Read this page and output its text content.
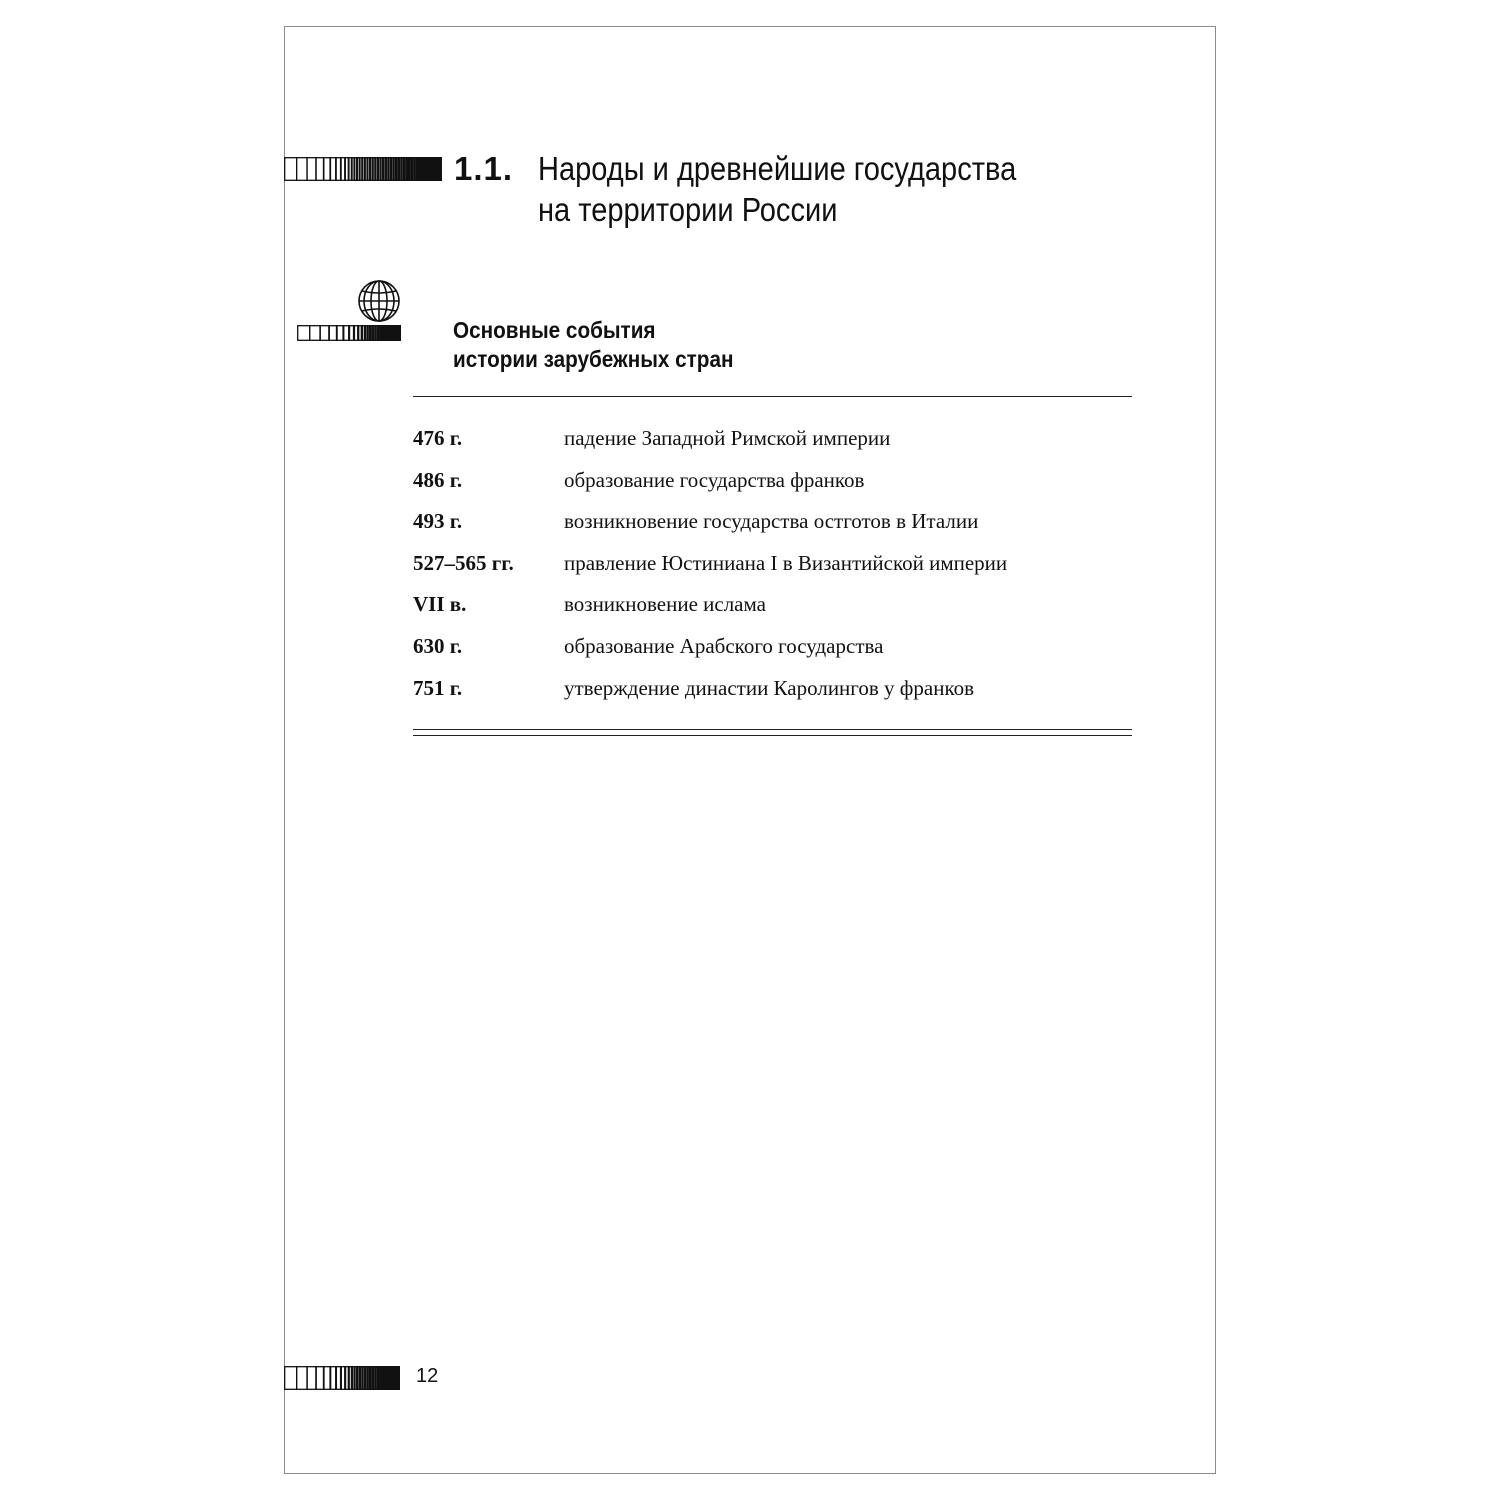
1.1. Народы и древнейшие государства
на территории России
Основные события
истории зарубежных стран
476 г.	падение Западной Римской империи
486 г.	образование государства франков
493 г.	возникновение государства остготов в Италии
527–565 гг. правление Юстиниана I в Византийской империи
VII в.	возникновение ислама
630 г.	образование Арабского государства
751 г.	утверждение династии Каролингов у франков
12
